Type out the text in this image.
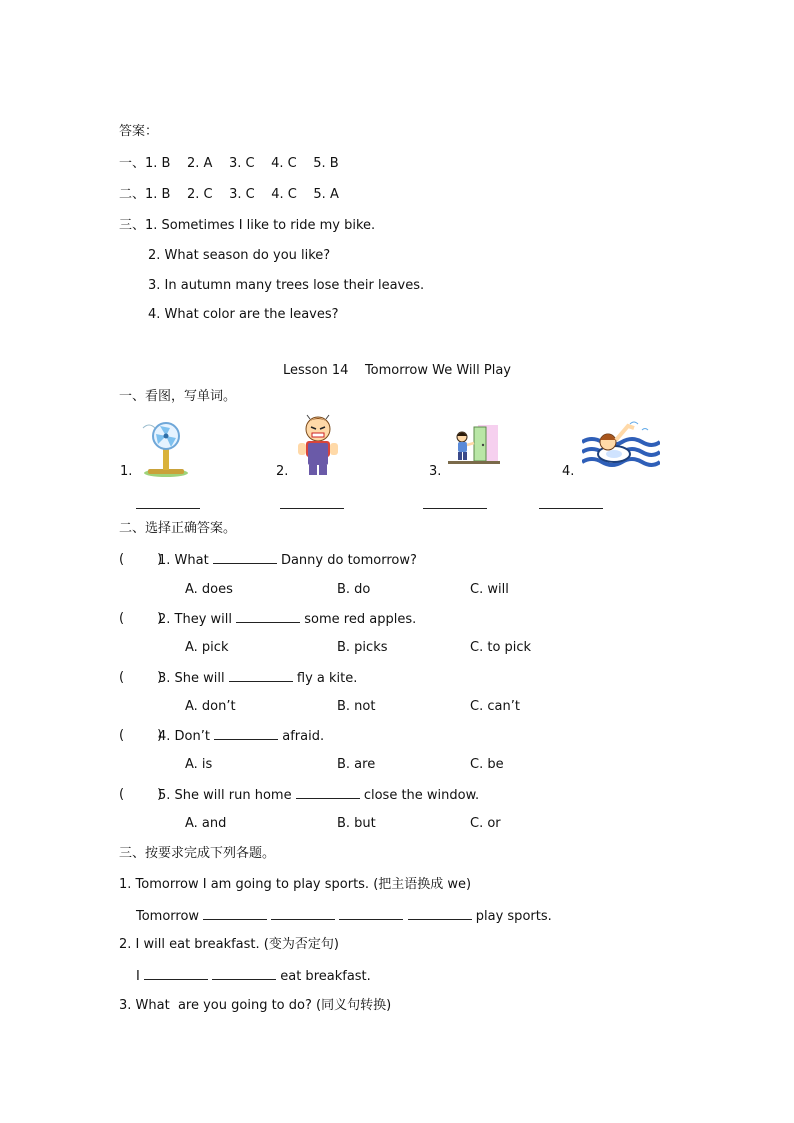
答案：
一、1. B    2. A    3. C    4. C    5. B
二、1. B    2. C    3. C    4. C    5. A
三、1. Sometimes I like to ride my bike.
2. What season do you like?
3. In autumn many trees lose their leaves.
4. What color are the leaves?
Lesson 14    Tomorrow We Will Play
一、看图，写单词。
1.	2.	3.	4.
二、选择正确答案。
(        )
1. What	Danny do tomorrow?
A. does	B. do	C. will
(        )
2. They will	some red apples.
A. pick	B. picks	C. to pick
(        )
3. She will	fly a kite.
A. don’t	B. not	C. can’t
(        )
4. Don’t	afraid.
A. is	B. are	C. be
(        )
5. She will run home	close the window.
A. and	B. but	C. or
三、按要求完成下列各题。
1. Tomorrow I am going to play sports. (把主语换成 we)
Tomorrow	play sports.
2. I will eat breakfast. (变为否定句)
I	eat breakfast.
3. What  are you going to do? (同义句转换)
